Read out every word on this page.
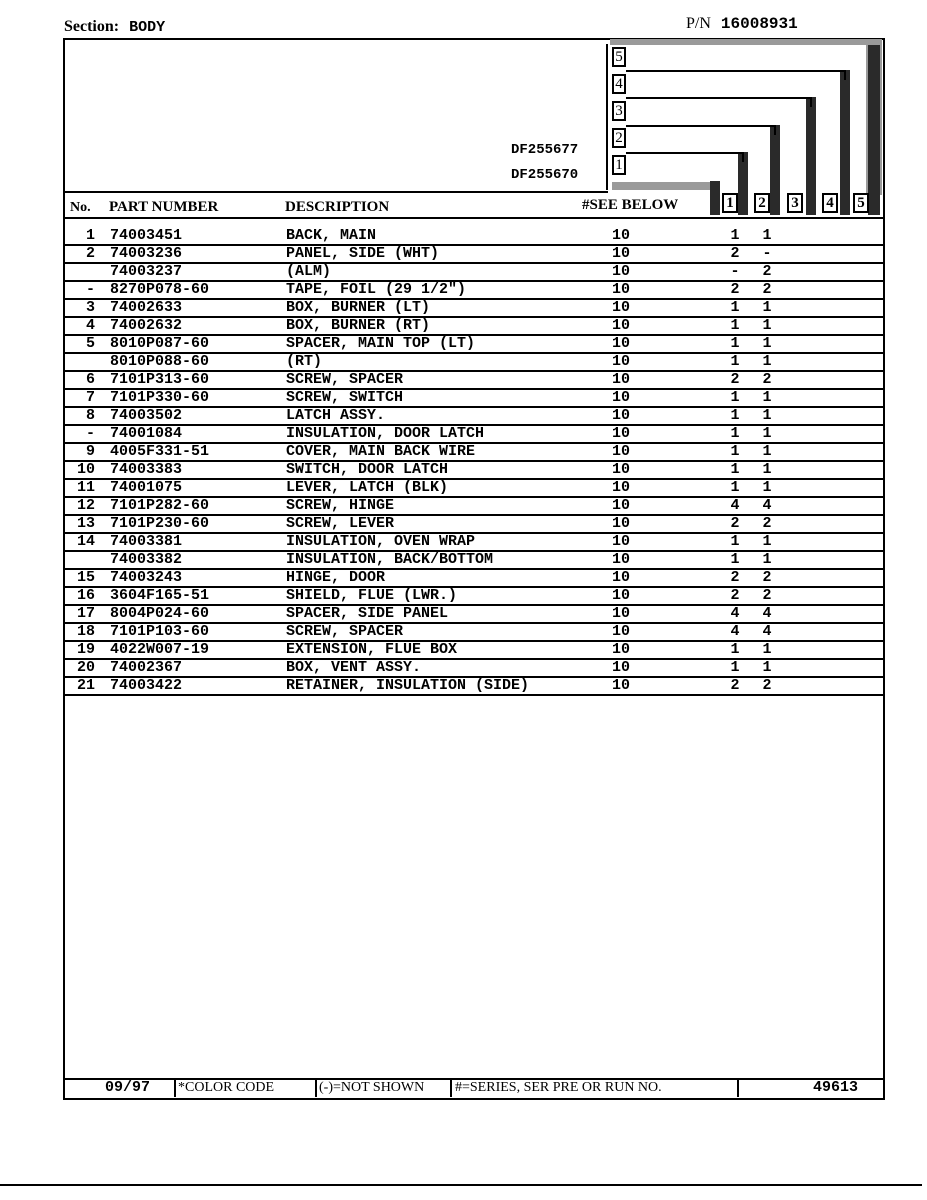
Section: BODY	P/N 16008931
5
4
3
2
1
DF255677
DF255670
1 2 3 4 5
No. PART NUMBER	DESCRIPTION	#SEE BELOW
1 74003451	BACK, MAIN	10	1 1
2 74003236	PANEL, SIDE (WHT)	10	2 -
74003237	(ALM)	10	- 2
- 8270P078-60	TAPE, FOIL (29 1/2")	10	2 2
3 74002633	BOX, BURNER (LT)	10	1 1
4 74002632	BOX, BURNER (RT)	10	1 1
5 8010P087-60	SPACER, MAIN TOP (LT)	10	1 1
8010P088-60	(RT)	10	1 1
6 7101P313-60	SCREW, SPACER	10	2 2
7 7101P330-60	SCREW, SWITCH	10	1 1
8 74003502	LATCH ASSY.	10	1 1
- 74001084	INSULATION, DOOR LATCH	10	1 1
9 4005F331-51	COVER, MAIN BACK WIRE	10	1 1
10 74003383	SWITCH, DOOR LATCH	10	1 1
11 74001075	LEVER, LATCH (BLK)	10	1 1
12 7101P282-60	SCREW, HINGE	10	4 4
13 7101P230-60	SCREW, LEVER	10	2 2
14 74003381	INSULATION, OVEN WRAP	10	1 1
74003382	INSULATION, BACK/BOTTOM	10	1 1
15 74003243	HINGE, DOOR	10	2 2
16 3604F165-51	SHIELD, FLUE (LWR.)	10	2 2
17 8004P024-60	SPACER, SIDE PANEL	10	4 4
18 7101P103-60	SCREW, SPACER	10	4 4
19 4022W007-19	EXTENSION, FLUE BOX	10	1 1
20 74002367	BOX, VENT ASSY.	10	1 1
21 74003422	RETAINER, INSULATION (SIDE)	10	2 2
09/97 *COLOR CODE	(-)=NOT SHOWN #=SERIES, SER PRE OR RUN NO.	49613
